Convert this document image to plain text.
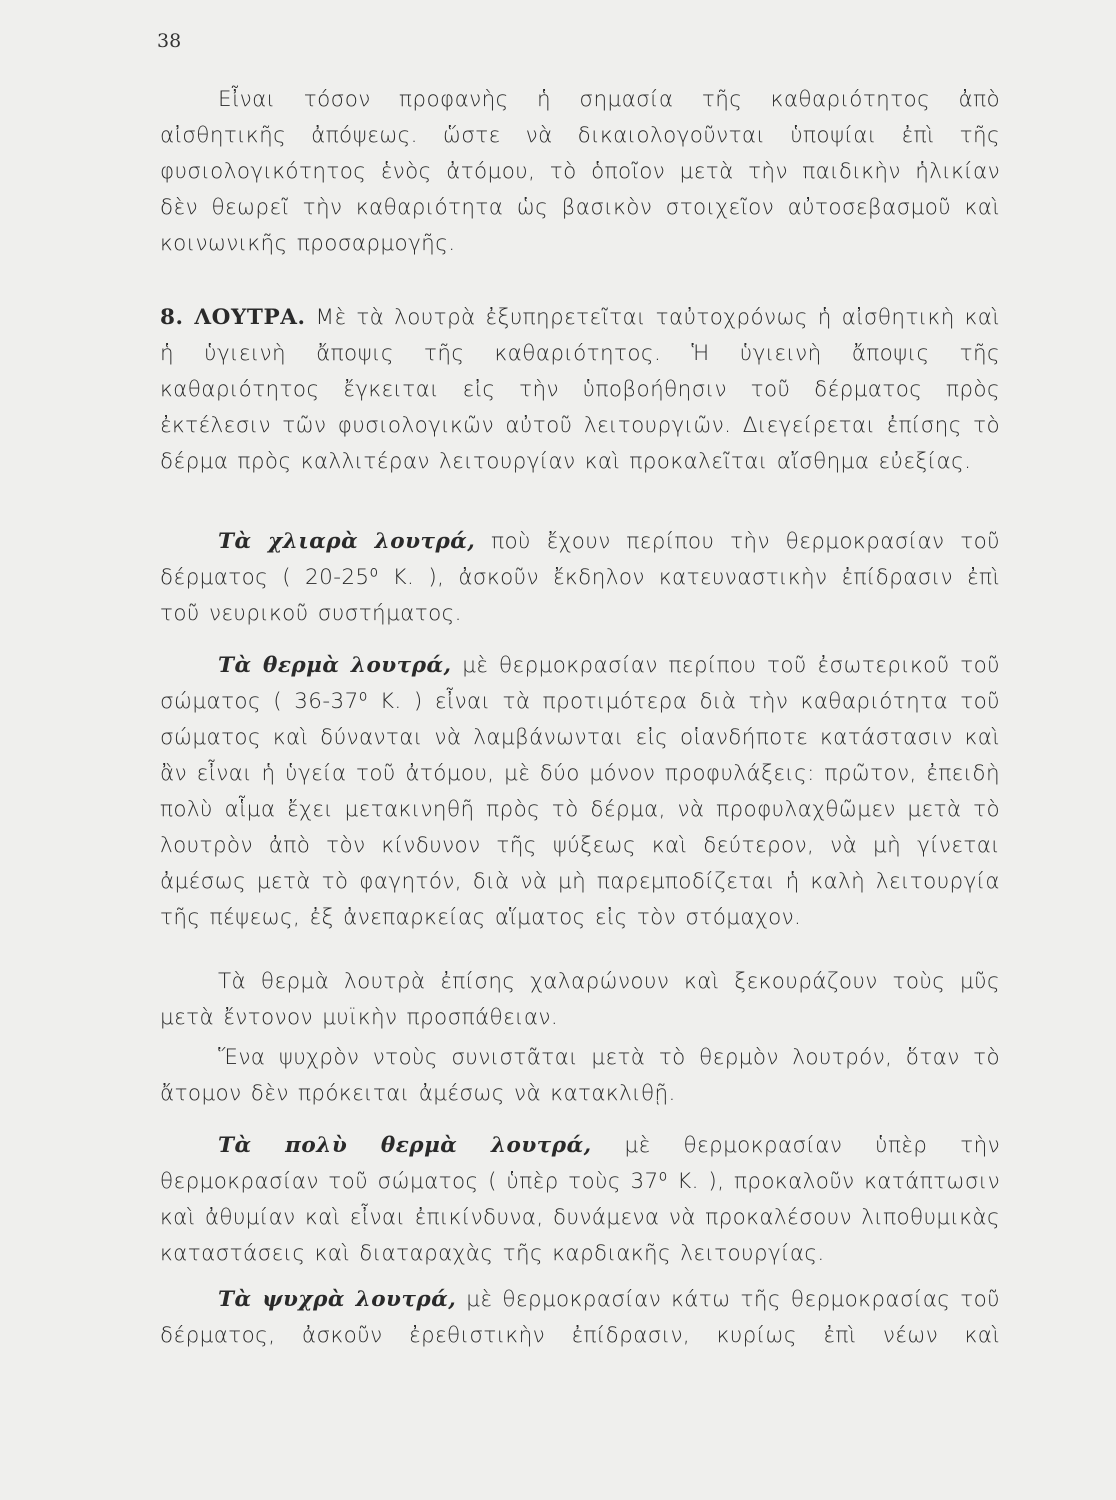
38

Εἶναι τόσον προφανὴς ἡ σημασία τῆς καθαριότητος ἀπὸ αἰσθητικῆς ἀπόψεως. ὥστε νὰ δικαιολογοῦνται ὑποψίαι ἐπὶ τῆς φυσιολογικότητος ἑνὸς ἀτόμου, τὸ ὁποῖον μετὰ τὴν παιδικὴν ἡλικίαν δὲν θεωρεῖ τὴν καθαριότητα ὡς βασικὸν στοιχεῖον αὐτοσεβασμοῦ καὶ κοινωνικῆς προσαρμογῆς.

8. ΛΟΥΤΡΑ. Μὲ τὰ λουτρὰ ἐξυπηρετεῖται ταὐτοχρόνως ἡ αἰσθητικὴ καὶ ἡ ὑγιεινὴ ἄποψις τῆς καθαριότητος. Ἡ ὑγιεινὴ ἄποψις τῆς καθαριότητος ἔγκειται εἰς τὴν ὑποβοήθησιν τοῦ δέρματος πρὸς ἐκτέλεσιν τῶν φυσιολογικῶν αὐτοῦ λειτουργιῶν. Διεγείρεται ἐπίσης τὸ δέρμα πρὸς καλλιτέραν λειτουργίαν καὶ προκαλεῖται αἴσθημα εὐεξίας.

Τὰ χλιαρὰ λουτρά, ποὺ ἔχουν περίπου τὴν θερμοκρασίαν τοῦ δέρματος ( 20-25⁰ Κ. ), ἀσκοῦν ἔκδηλον κατευναστικὴν ἐπίδρασιν ἐπὶ τοῦ νευρικοῦ συστήματος.

Τὰ θερμὰ λουτρά, μὲ θερμοκρασίαν περίπου τοῦ ἐσωτερικοῦ τοῦ σώματος ( 36-37⁰ Κ. ) εἶναι τὰ προτιμότερα διὰ τὴν καθαριότητα τοῦ σώματος καὶ δύνανται νὰ λαμβάνωνται εἰς οἱανδήποτε κατάστασιν καὶ ἂν εἶναι ἡ ὑγεία τοῦ ἀτόμου, μὲ δύο μόνον προφυλάξεις: πρῶτον, ἐπειδὴ πολὺ αἷμα ἔχει μετακινηθῆ πρὸς τὸ δέρμα, νὰ προφυλαχθῶμεν μετὰ τὸ λουτρὸν ἀπὸ τὸν κίνδυνον τῆς ψύξεως καὶ δεύτερον, νὰ μὴ γίνεται ἀμέσως μετὰ τὸ φαγητόν, διὰ νὰ μὴ παρεμποδίζεται ἡ καλὴ λειτουργία τῆς πέψεως, ἐξ ἀνεπαρκείας αἵματος εἰς τὸν στόμαχον.

Τὰ θερμὰ λουτρὰ ἐπίσης χαλαρώνουν καὶ ξεκουράζουν τοὺς μῦς μετὰ ἔντονον μυϊκὴν προσπάθειαν.

Ἕνα ψυχρὸν ντοὺς συνιστᾶται μετὰ τὸ θερμὸν λουτρόν, ὅταν τὸ ἄτομον δὲν πρόκειται ἀμέσως νὰ κατακλιθῇ.

Τὰ πολὺ θερμὰ λουτρά, μὲ θερμοκρασίαν ὑπὲρ τὴν θερμοκρασίαν τοῦ σώματος ( ὑπὲρ τοὺς 37⁰ Κ. ), προκαλοῦν κατάπτωσιν καὶ ἀθυμίαν καὶ εἶναι ἐπικίνδυνα, δυνάμενα νὰ προκαλέσουν λιποθυμικὰς καταστάσεις καὶ διαταραχὰς τῆς καρδιακῆς λειτουργίας.

Τὰ ψυχρὰ λουτρά, μὲ θερμοκρασίαν κάτω τῆς θερμοκρασίας τοῦ δέρματος, ἀσκοῦν ἐρεθιστικὴν ἐπίδρασιν, κυρίως ἐπὶ νέων καὶ
